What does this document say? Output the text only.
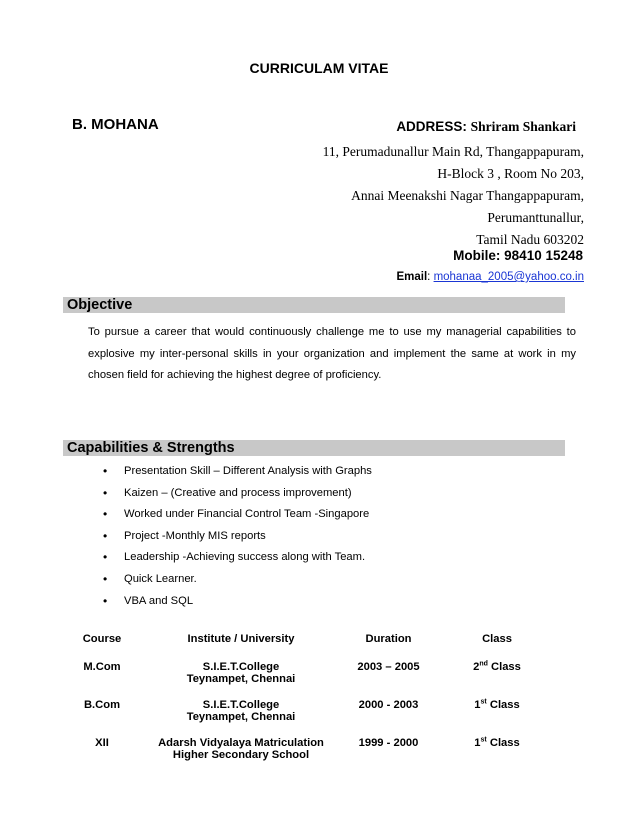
CURRICULAM VITAE
B. MOHANA	ADDRESS: Shriram Shankari
11, Perumadunallur Main Rd, Thangappapuram,
H-Block 3 , Room No 203,
Annai Meenakshi Nagar Thangappapuram,
Perumanttunallur,
Tamil Nadu 603202
Mobile: 98410 15248
Email: mohanaa_2005@yahoo.co.in
Objective
To pursue a career that would continuously challenge me to use my managerial capabilities to explosive my inter-personal skills in your organization and implement the same at work in my chosen field for achieving the highest degree of proficiency.
Capabilities & Strengths
• Presentation Skill – Different Analysis with Graphs
• Kaizen – (Creative and process improvement)
• Worked under Financial Control Team -Singapore
• Project -Monthly MIS reports
• Leadership -Achieving success along with Team.
• Quick Learner.
• VBA and SQL
Course	Institute / University	Duration	Class
M.Com	S.I.E.T.College
Teynampet, Chennai	2003 – 2005	2nd Class
B.Com	S.I.E.T.College
Teynampet, Chennai	2000 - 2003	1st Class
XII	Adarsh Vidyalaya Matriculation
Higher Secondary School	1999 - 2000	1st Class
